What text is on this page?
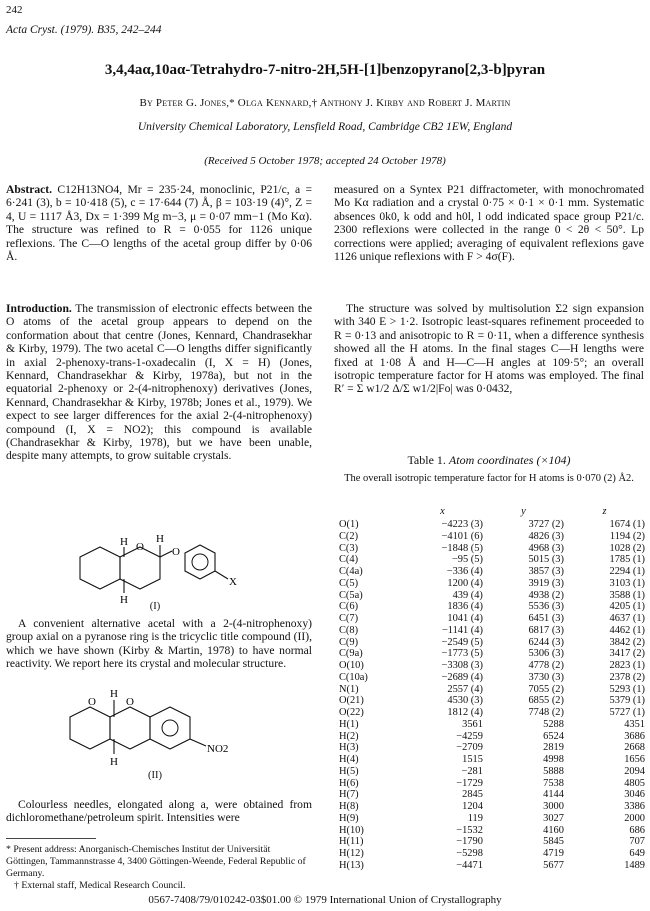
242
Acta Cryst. (1979). B35, 242–244
3,4,4aα,10aα-Tetrahydro-7-nitro-2H,5H-[1]benzopyrano[2,3-b]pyran
By Peter G. Jones,* Olga Kennard,† Anthony J. Kirby and Robert J. Martin
University Chemical Laboratory, Lensfield Road, Cambridge CB2 1EW, England
(Received 5 October 1978; accepted 24 October 1978)

Abstract. C12H13NO4, Mr = 235·24, monoclinic, P21/c, a = 6·241 (3), b = 10·418 (5), c = 17·644 (7) Å, β = 103·19 (4)°, Z = 4, U = 1117 Å3, Dx = 1·399 Mg m−3, μ = 0·07 mm−1 (Mo Kα). The structure was refined to R = 0·055 for 1126 unique reflexions. The C—O lengths of the acetal group differ by 0·06 Å.

Introduction. The transmission of electronic effects between the O atoms of the acetal group appears to depend on the conformation about that centre (Jones, Kennard, Chandrasekhar & Kirby, 1979). The two acetal C—O lengths differ significantly in axial 2-phenoxy-trans-1-oxadecalin (I, X = H) (Jones, Kennard, Chandrasekhar & Kirby, 1978a), but not in the equatorial 2-phenoxy or 2-(4-nitrophenoxy) derivatives (Jones, Kennard, Chandrasekhar & Kirby, 1978b; Jones et al., 1979). We expect to see larger differences for the axial 2-(4-nitrophenoxy) compound (I, X = NO2); this compound is available (Chandrasekhar & Kirby, 1978), but we have been unable, despite many attempts, to grow suitable crystals.

H O
H
O
H
X
(I)

A convenient alternative acetal with a 2-(4-nitrophenoxy) group axial on a pyranose ring is the tricyclic title compound (II), which we have shown (Kirby & Martin, 1978) to have normal reactivity. We report here its crystal and molecular structure.

H
O	O
H
NO2
(II)

Colourless needles, elongated along a, were obtained from dichloromethane/petroleum spirit. Intensities were

* Present address: Anorganisch-Chemisches Institut der Universität Göttingen, Tammannstrasse 4, 3400 Göttingen-Weende, Federal Republic of Germany.

† External staff, Medical Research Council.

measured on a Syntex P21 diffractometer, with monochromated Mo Kα radiation and a crystal 0·75 × 0·1 × 0·1 mm. Systematic absences 0k0, k odd and h0l, l odd indicated space group P21/c. 2300 reflexions were collected in the range 0 < 2θ < 50°. Lp corrections were applied; averaging of equivalent reflexions gave 1126 unique reflexions with F > 4σ(F).

The structure was solved by multisolution Σ2 sign expansion with 340 E > 1·2. Isotropic least-squares refinement proceeded to R = 0·13 and anisotropic to R = 0·11, when a difference synthesis showed all the H atoms. In the final stages C—H lengths were fixed at 1·08 Å and H—C—H angles at 109·5°; an overall isotropic temperature factor for H atoms was employed. The final R′ = Σ w1/2 Δ/Σ w1/2|Fo| was 0·0432,

Table 1. Atom coordinates (×104)
The overall isotropic temperature factor for H atoms is 0·070 (2) Å2.
	x	y	z
O(1)	−4223 (3)	3727 (2)	1674 (1)
C(2)	−4101 (6)	4826 (3)	1194 (2)
C(3)	−1848 (5)	4968 (3)	1028 (2)
C(4)	−95 (5)	5015 (3)	1785 (1)
C(4a)	−336 (4)	3857 (3)	2294 (1)
C(5)	1200 (4)	3919 (3)	3103 (1)
C(5a)	439 (4)	4938 (2)	3588 (1)
C(6)	1836 (4)	5536 (3)	4205 (1)
C(7)	1041 (4)	6451 (3)	4637 (1)
C(8)	−1141 (4)	6817 (3)	4462 (1)
C(9)	−2549 (5)	6244 (3)	3842 (2)
C(9a)	−1773 (5)	5306 (3)	3417 (2)
O(10)	−3308 (3)	4778 (2)	2823 (1)
C(10a)	−2689 (4)	3730 (3)	2378 (2)
N(1)	2557 (4)	7055 (2)	5293 (1)
O(21)	4530 (3)	6855 (2)	5379 (1)
O(22)	1812 (4)	7748 (2)	5727 (1)
H(1)	3561	5288	4351
H(2)	−4259	6524	3686
H(3)	−2709	2819	2668
H(4)	1515	4998	1656
H(5)	−281	5888	2094
H(6)	−1729	7538	4805
H(7)	2845	4144	3046
H(8)	1204	3000	3386
H(9)	119	3027	2000
H(10)	−1532	4160	686
H(11)	−1790	5845	707
H(12)	−5298	4719	649
H(13)	−4471	5677	1489
0567-7408/79/010242-03$01.00 © 1979 International Union of Crystallography
